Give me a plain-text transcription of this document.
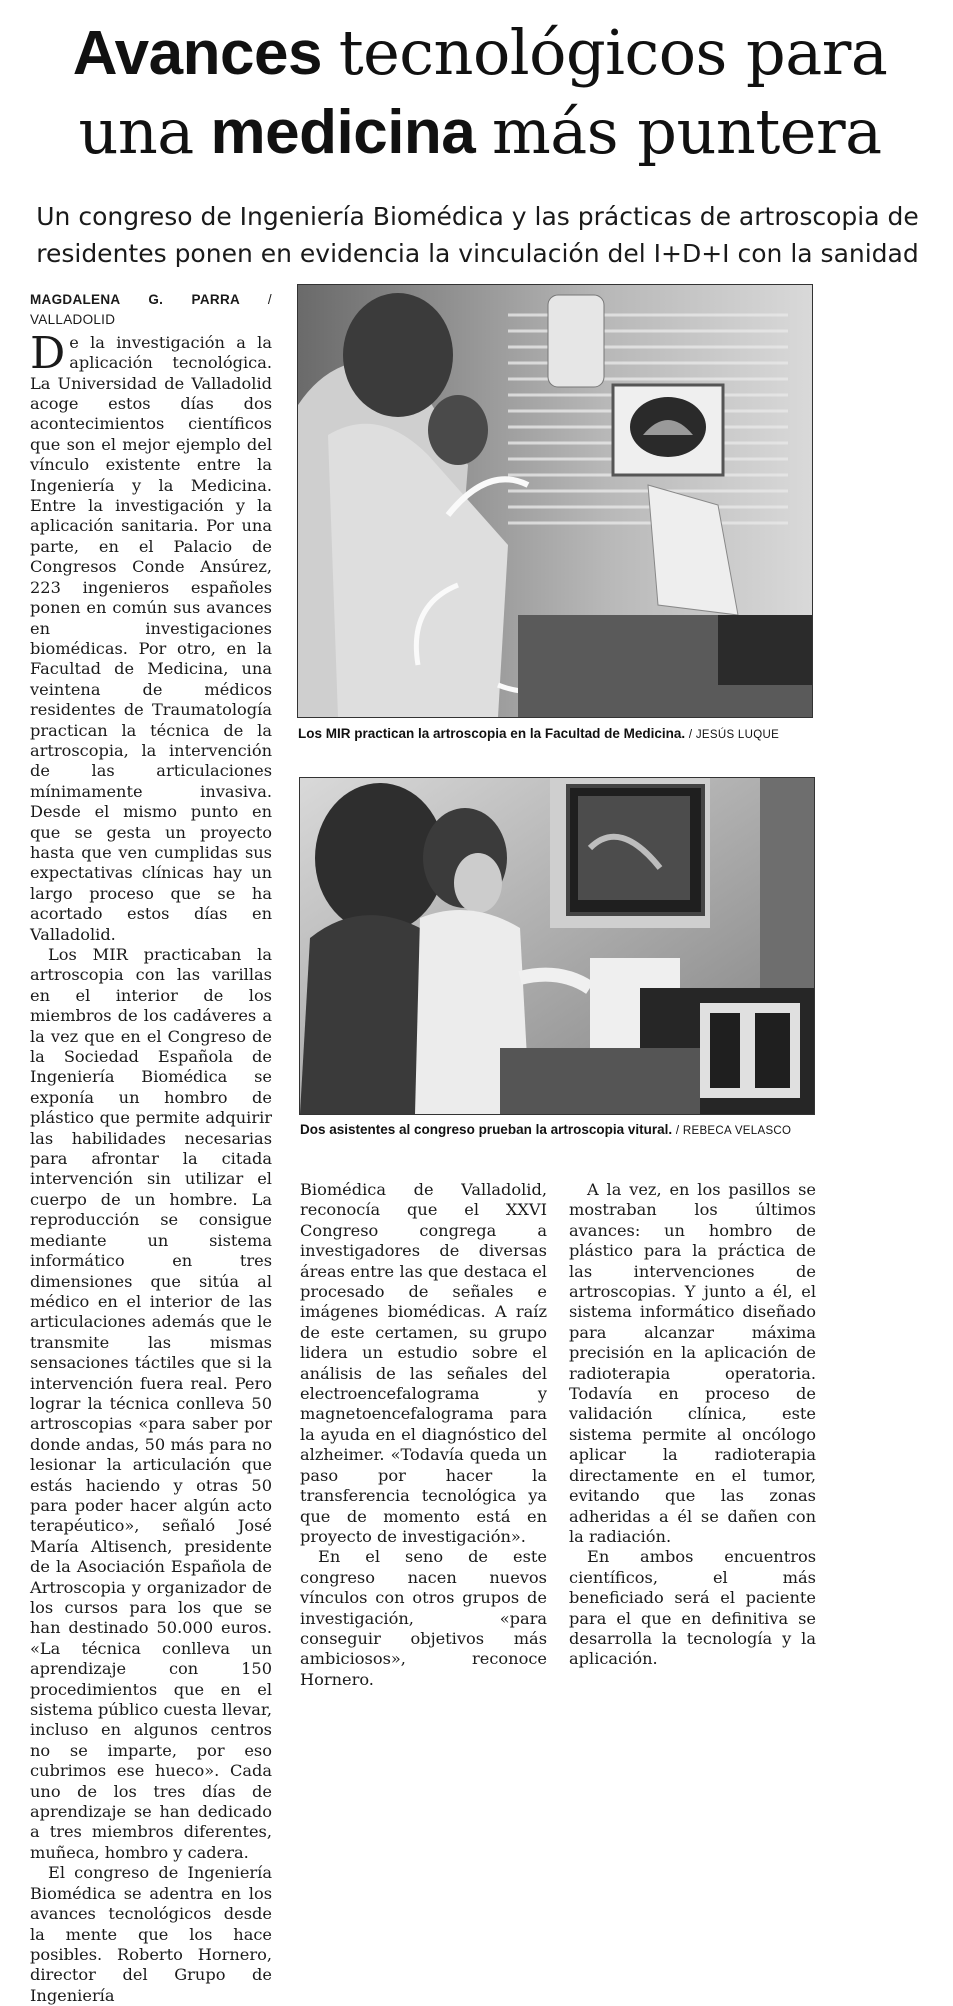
Avances tecnológicos para
una medicina más puntera
Un congreso de Ingeniería Biomédica y las prácticas de artroscopia de residentes ponen en evidencia la vinculación del I+D+I con la sanidad
MAGDALENA G. PARRA / VALLADOLID

De la investigación a la aplicación tecnológica. La Universidad de Valladolid acoge estos días dos acontecimientos científicos que son el mejor ejemplo del vínculo existente entre la Ingeniería y la Medicina. Entre la investigación y la aplicación sanitaria. Por una parte, en el Palacio de Congresos Conde Ansúrez, 223 ingenieros españoles ponen en común sus avances en investigaciones biomédicas. Por otro, en la Facultad de Medicina, una veintena de médicos residentes de Traumatología practican la técnica de la artroscopia, la intervención de las articulaciones mínimamente invasiva. Desde el mismo punto en que se gesta un proyecto hasta que ven cumplidas sus expectativas clínicas hay un largo proceso que se ha acortado estos días en Valladolid.

Los MIR practicaban la artroscopia con las varillas en el interior de los miembros de los cadáveres a la vez que en el Congreso de la Sociedad Española de Ingeniería Biomédica se exponía un hombro de plástico que permite adquirir las habilidades necesarias para afrontar la citada intervención sin utilizar el cuerpo de un hombre. La reproducción se consigue mediante un sistema informático en tres dimensiones que sitúa al médico en el interior de las articulaciones además que le transmite las mismas sensaciones táctiles que si la intervención fuera real. Pero lograr la técnica conlleva 50 artroscopias «para saber por donde andas, 50 más para no lesionar la articulación que estás haciendo y otras 50 para poder hacer algún acto terapéutico», señaló José María Altisench, presidente de la Asociación Española de Artroscopia y organizador de los cursos para los que se han destinado 50.000 euros. «La técnica conlleva un aprendizaje con 150 procedimientos que en el sistema público cuesta llevar, incluso en algunos centros no se imparte, por eso cubrimos ese hueco». Cada uno de los tres días de aprendizaje se han dedicado a tres miembros diferentes, muñeca, hombro y cadera.

El congreso de Ingeniería Biomédica se adentra en los avances tecnológicos desde la mente que los hace posibles. Roberto Hornero, director del Grupo de Ingeniería

Los MIR practican la artroscopia en la Facultad de Medicina. / JESÚS LUQUE
Dos asistentes al congreso prueban la artroscopia vitural. / REBECA VELASCO

Biomédica de Valladolid, reconocía que el XXVI Congreso congrega a investigadores de diversas áreas entre las que destaca el procesado de señales e imágenes biomédicas. A raíz de este certamen, su grupo lidera un estudio sobre el análisis de las señales del electroencefalograma y magnetoencefalograma para la ayuda en el diagnóstico del alzheimer. «Todavía queda un paso por hacer la transferencia tecnológica ya que de momento está en proyecto de investigación».

En el seno de este congreso nacen nuevos vínculos con otros grupos de investigación, «para conseguir objetivos más ambiciosos», reconoce Hornero.

A la vez, en los pasillos se mostraban los últimos avances: un hombro de plástico para la práctica de las intervenciones de artroscopias. Y junto a él, el sistema informático diseñado para alcanzar máxima precisión en la aplicación de radioterapia operatoria. Todavía en proceso de validación clínica, este sistema permite al oncólogo aplicar la radioterapia directamente en el tumor, evitando que las zonas adheridas a él se dañen con la radiación.

En ambos encuentros científicos, el más beneficiado será el paciente para el que en definitiva se desarrolla la tecnología y la aplicación.
